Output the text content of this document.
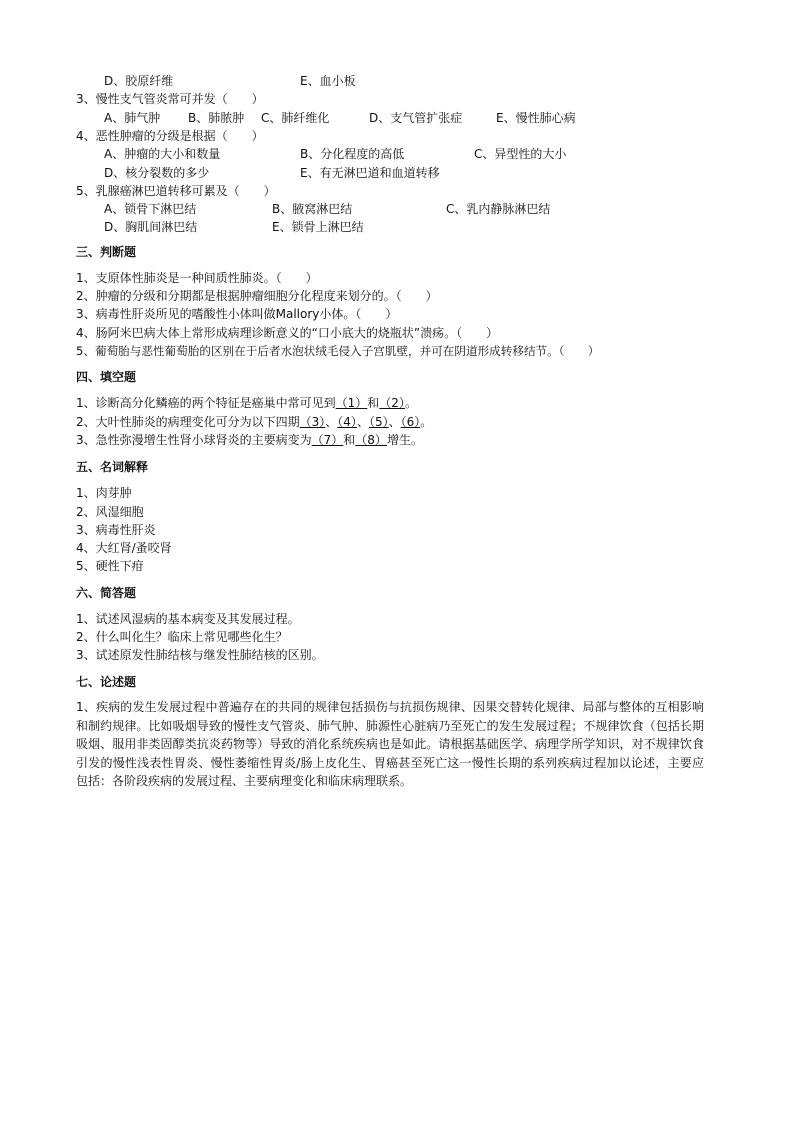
D、胶原纤维	E、血小板
3、慢性支气管炎常可并发（　　）
A、肺气肿 B、肺脓肿 C、肺纤维化	D、支气管扩张症	E、慢性肺心病
4、恶性肿瘤的分级是根据（　　）
A、肿瘤的大小和数量	B、分化程度的高低	C、异型性的大小
D、核分裂数的多少	E、有无淋巴道和血道转移
5、乳腺癌淋巴道转移可累及（　　）
A、锁骨下淋巴结	B、腋窝淋巴结	C、乳内静脉淋巴结
D、胸肌间淋巴结	E、锁骨上淋巴结
三、判断题
1、支原体性肺炎是一种间质性肺炎。（　　）
2、肿瘤的分级和分期都是根据肿瘤细胞分化程度来划分的。（　　）
3、病毒性肝炎所见的嗜酸性小体叫做Mallory小体。（　　）
4、肠阿米巴病大体上常形成病理诊断意义的“口小底大的烧瓶状”溃疡。（　　）
5、葡萄胎与恶性葡萄胎的区别在于后者水泡状绒毛侵入子宫肌壁，并可在阴道形成转移结节。（　　）
四、填空题
1、诊断高分化鳞癌的两个特征是癌巢中常可见到（1）和（2）。
2、大叶性肺炎的病理变化可分为以下四期（3）、（4）、（5）、（6）。
3、急性弥漫增生性肾小球肾炎的主要病变为（7）和（8）增生。
五、名词解释
1、肉芽肿
2、风湿细胞
3、病毒性肝炎
4、大红肾/蚤咬肾
5、硬性下疳
六、简答题
1、试述风湿病的基本病变及其发展过程。
2、什么叫化生？临床上常见哪些化生？
3、试述原发性肺结核与继发性肺结核的区别。
七、论述题
1、疾病的发生发展过程中普遍存在的共同的规律包括损伤与抗损伤规律、因果交替转化规律、局部与整体的互相影响和制约规律。比如吸烟导致的慢性支气管炎、肺气肿、肺源性心脏病乃至死亡的发生发展过程；不规律饮食（包括长期吸烟、服用非类固醇类抗炎药物等）导致的消化系统疾病也是如此。请根据基础医学、病理学所学知识，对不规律饮食引发的慢性浅表性胃炎、慢性萎缩性胃炎/肠上皮化生、胃癌甚至死亡这一慢性长期的系列疾病过程加以论述，主要应包括：各阶段疾病的发展过程、主要病理变化和临床病理联系。
